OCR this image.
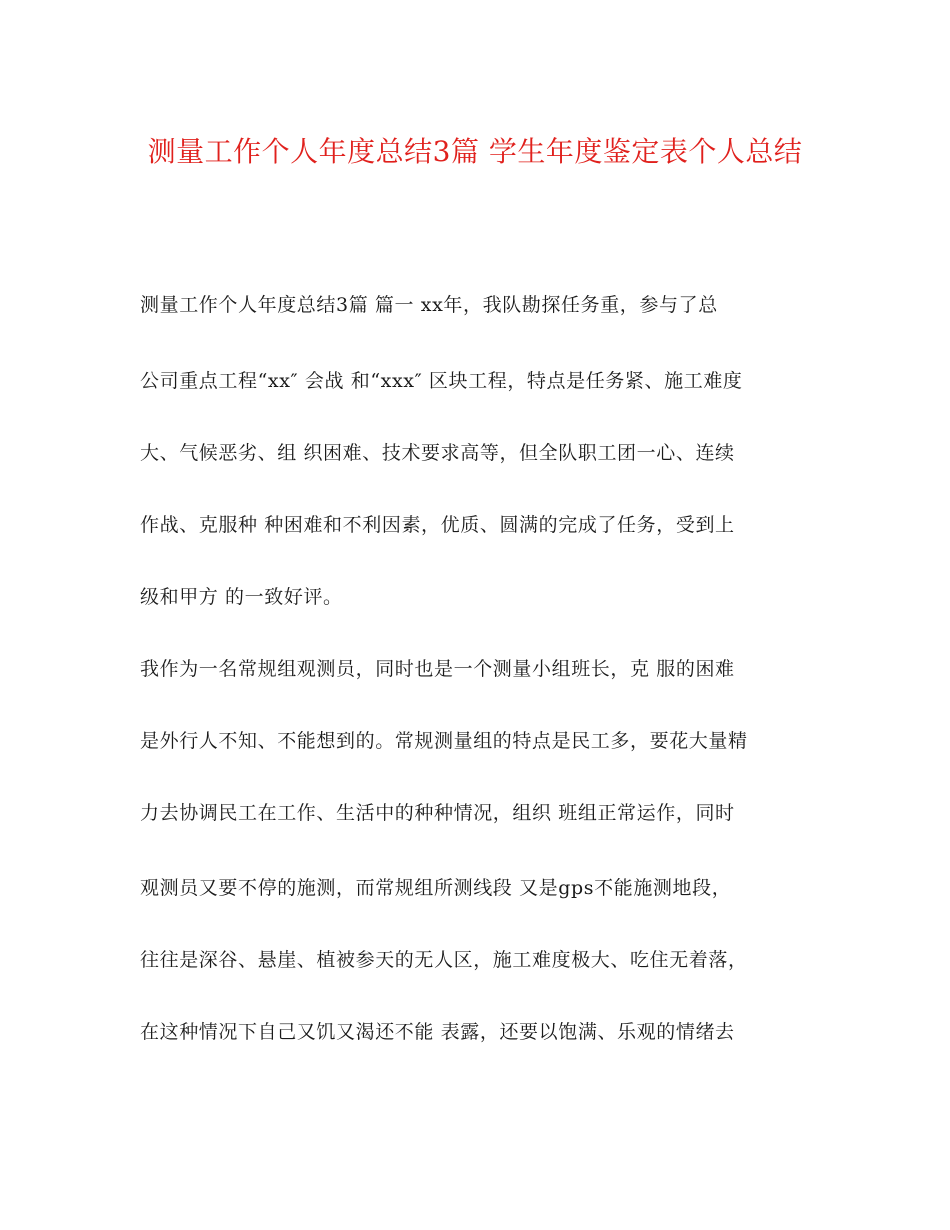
测量工作个人年度总结3篇 学生年度鉴定表个人总结
测量工作个人年度总结3篇 篇一 xx年，我队勘探任务重，参与了总
公司重点工程“xx″ 会战 和“xxx″ 区块工程，特点是任务紧、施工难度
大、气候恶劣、组 织困难、技术要求高等，但全队职工团一心、连续
作战、克服种 种困难和不利因素，优质、圆满的完成了任务，受到上
级和甲方 的一致好评。
我作为一名常规组观测员，同时也是一个测量小组班长，克 服的困难
是外行人不知、不能想到的。常规测量组的特点是民工多，要花大量精
力去协调民工在工作、生活中的种种情况，组织 班组正常运作，同时
观测员又要不停的施测，而常规组所测线段 又是gps不能施测地段，
往往是深谷、悬崖、植被参天的无人区，施工难度极大、吃住无着落，
在这种情况下自己又饥又渴还不能 表露，还要以饱满、乐观的情绪去
